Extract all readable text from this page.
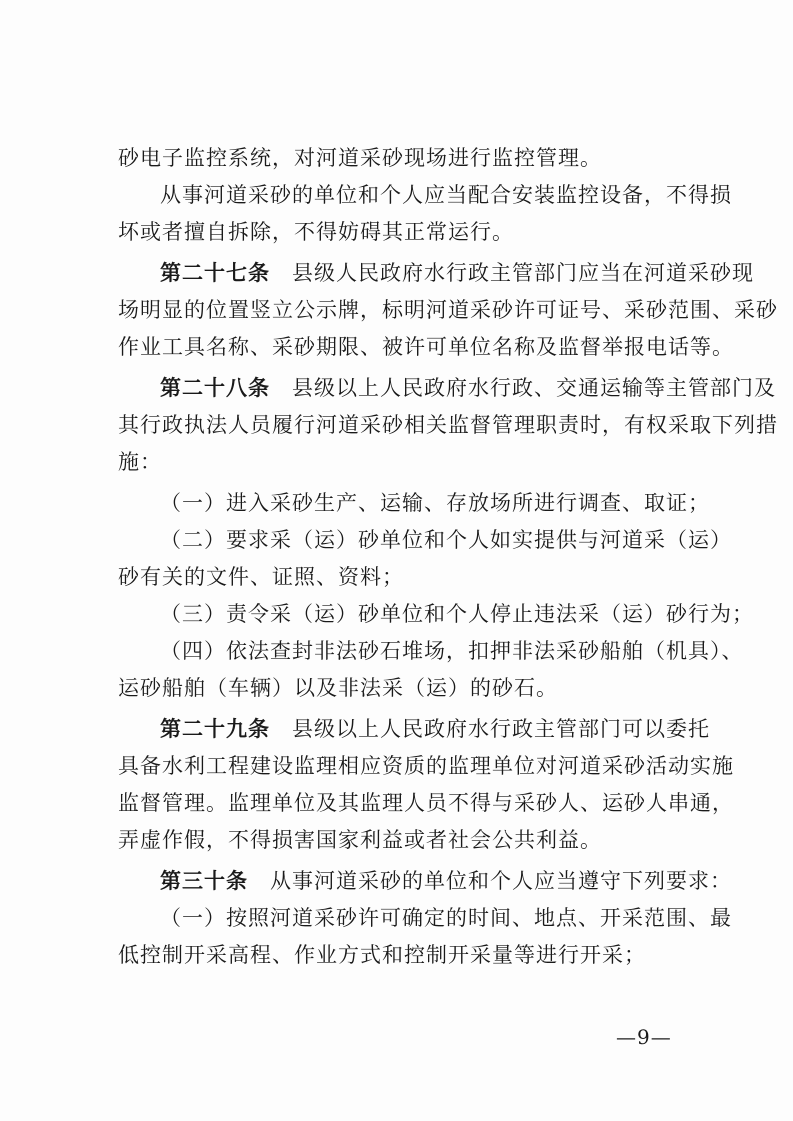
砂电子监控系统，对河道采砂现场进行监控管理。
从事河道采砂的单位和个人应当配合安装监控设备，不得损
坏或者擅自拆除，不得妨碍其正常运行。
第二十七条　县级人民政府水行政主管部门应当在河道采砂现
场明显的位置竖立公示牌，标明河道采砂许可证号、采砂范围、采砂
作业工具名称、采砂期限、被许可单位名称及监督举报电话等。
第二十八条　县级以上人民政府水行政、交通运输等主管部门及
其行政执法人员履行河道采砂相关监督管理职责时，有权采取下列措
施：
（一）进入采砂生产、运输、存放场所进行调查、取证；
（二）要求采（运）砂单位和个人如实提供与河道采（运）
砂有关的文件、证照、资料；
（三）责令采（运）砂单位和个人停止违法采（运）砂行为；
（四）依法查封非法砂石堆场，扣押非法采砂船舶（机具）、
运砂船舶（车辆）以及非法采（运）的砂石。
第二十九条　县级以上人民政府水行政主管部门可以委托
具备水利工程建设监理相应资质的监理单位对河道采砂活动实施
监督管理。监理单位及其监理人员不得与采砂人、运砂人串通，
弄虚作假，不得损害国家利益或者社会公共利益。
第三十条　从事河道采砂的单位和个人应当遵守下列要求：
（一）按照河道采砂许可确定的时间、地点、开采范围、最
低控制开采高程、作业方式和控制开采量等进行开采；
—9—
